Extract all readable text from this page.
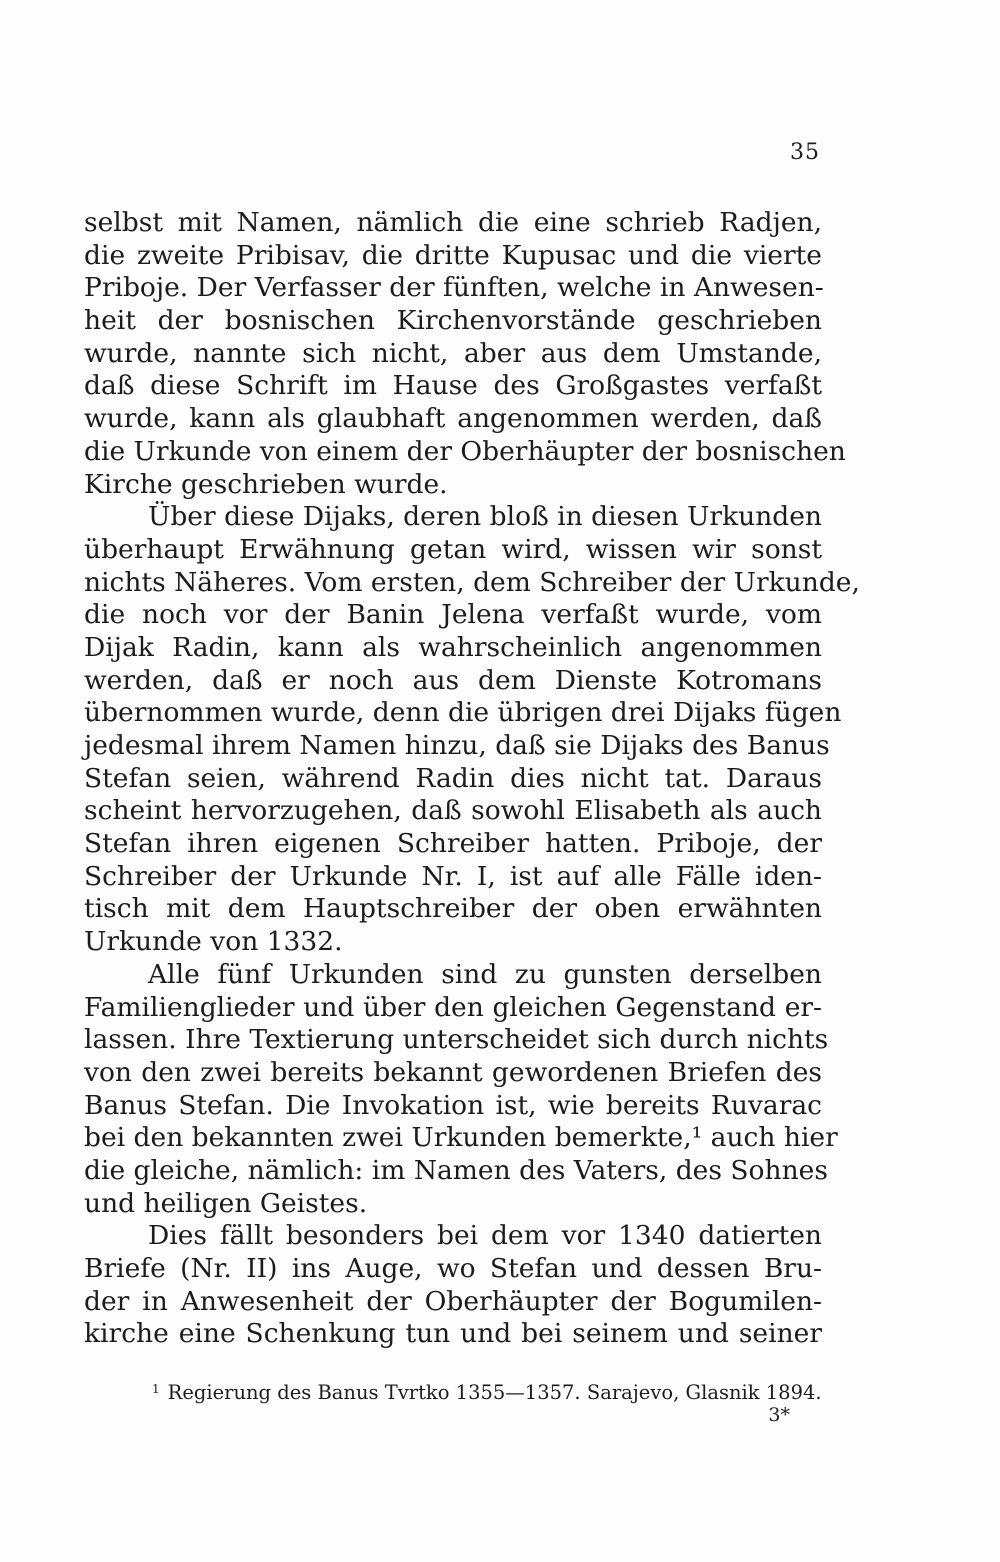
35
selbst mit Namen, nämlich die eine schrieb Radjen,
die zweite Pribisav, die dritte Kupusac und die vierte
Priboje. Der Verfasser der fünften, welche in Anwesen-
heit der bosnischen Kirchenvorstände geschrieben
wurde, nannte sich nicht, aber aus dem Umstande,
daß diese Schrift im Hause des Großgastes verfaßt
wurde, kann als glaubhaft angenommen werden, daß
die Urkunde von einem der Oberhäupter der bosnischen
Kirche geschrieben wurde.
Über diese Dijaks, deren bloß in diesen Urkunden
überhaupt Erwähnung getan wird, wissen wir sonst
nichts Näheres. Vom ersten, dem Schreiber der Urkunde,
die noch vor der Banin Jelena verfaßt wurde, vom
Dijak Radin, kann als wahrscheinlich angenommen
werden, daß er noch aus dem Dienste Kotromans
übernommen wurde, denn die übrigen drei Dijaks fügen
jedesmal ihrem Namen hinzu, daß sie Dijaks des Banus
Stefan seien, während Radin dies nicht tat. Daraus
scheint hervorzugehen, daß sowohl Elisabeth als auch
Stefan ihren eigenen Schreiber hatten. Priboje, der
Schreiber der Urkunde Nr. I, ist auf alle Fälle iden-
tisch mit dem Hauptschreiber der oben erwähnten
Urkunde von 1332.
Alle fünf Urkunden sind zu gunsten derselben
Familienglieder und über den gleichen Gegenstand er-
lassen. Ihre Textierung unterscheidet sich durch nichts
von den zwei bereits bekannt gewordenen Briefen des
Banus Stefan. Die Invokation ist, wie bereits Ruvarac
bei den bekannten zwei Urkunden bemerkte,¹ auch hier
die gleiche, nämlich: im Namen des Vaters, des Sohnes
und heiligen Geistes.
Dies fällt besonders bei dem vor 1340 datierten
Briefe (Nr. II) ins Auge, wo Stefan und dessen Bru-
der in Anwesenheit der Oberhäupter der Bogumilen-
kirche eine Schenkung tun und bei seinem und seiner
$^1$ Regierung des Banus Tvrtko 1355—1357. Sarajevo, Glasnik 1894.
3*
